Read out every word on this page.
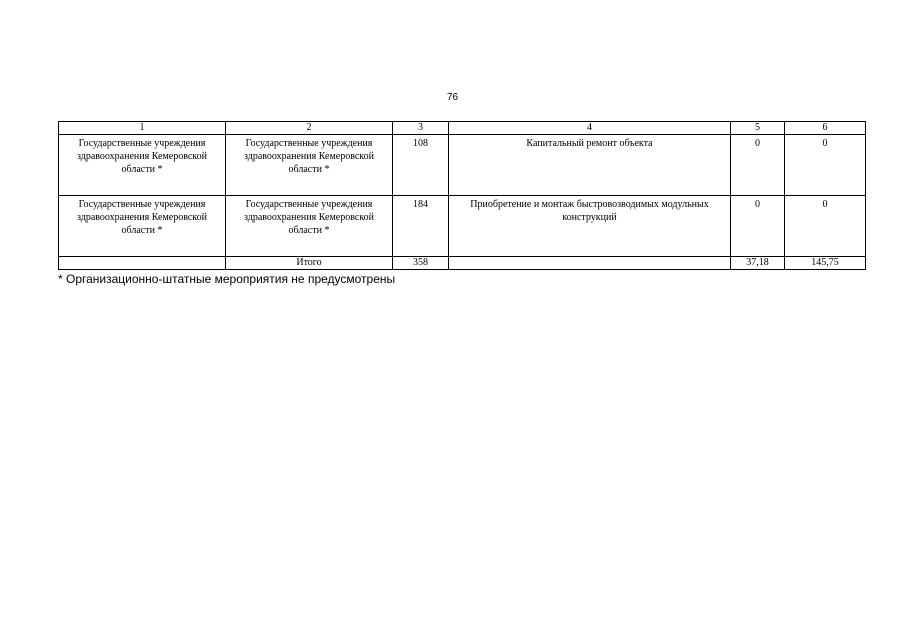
76
1	2	3	4	5	6
Государственные учреждения здравоохранения Кемеровской области *	Государственные учреждения здравоохранения Кемеровской области *	108	Капитальный ремонт объекта	0	0
Государственные учреждения здравоохранения Кемеровской области *	Государственные учреждения здравоохранения Кемеровской области *	184	Приобретение и монтаж быстровозводимых модульных конструкций	0	0
	Итого	358		37,18	145,75
* Организационно-штатные мероприятия не предусмотрены
